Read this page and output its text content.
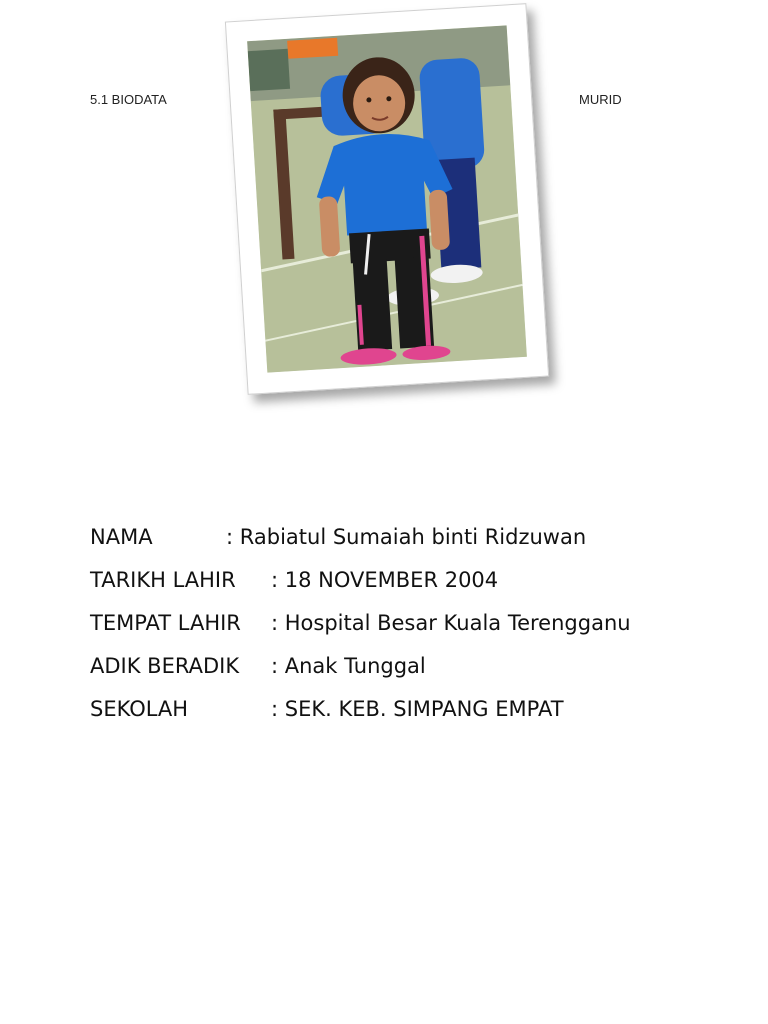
5.1 BIODATA	MURID
NAMA	: Rabiatul Sumaiah binti Ridzuwan
TARIKH LAHIR : 18 NOVEMBER 2004
TEMPAT LAHIR : Hospital Besar Kuala Terengganu
ADIK BERADIK : Anak Tunggal
SEKOLAH	: SEK. KEB. SIMPANG EMPAT
